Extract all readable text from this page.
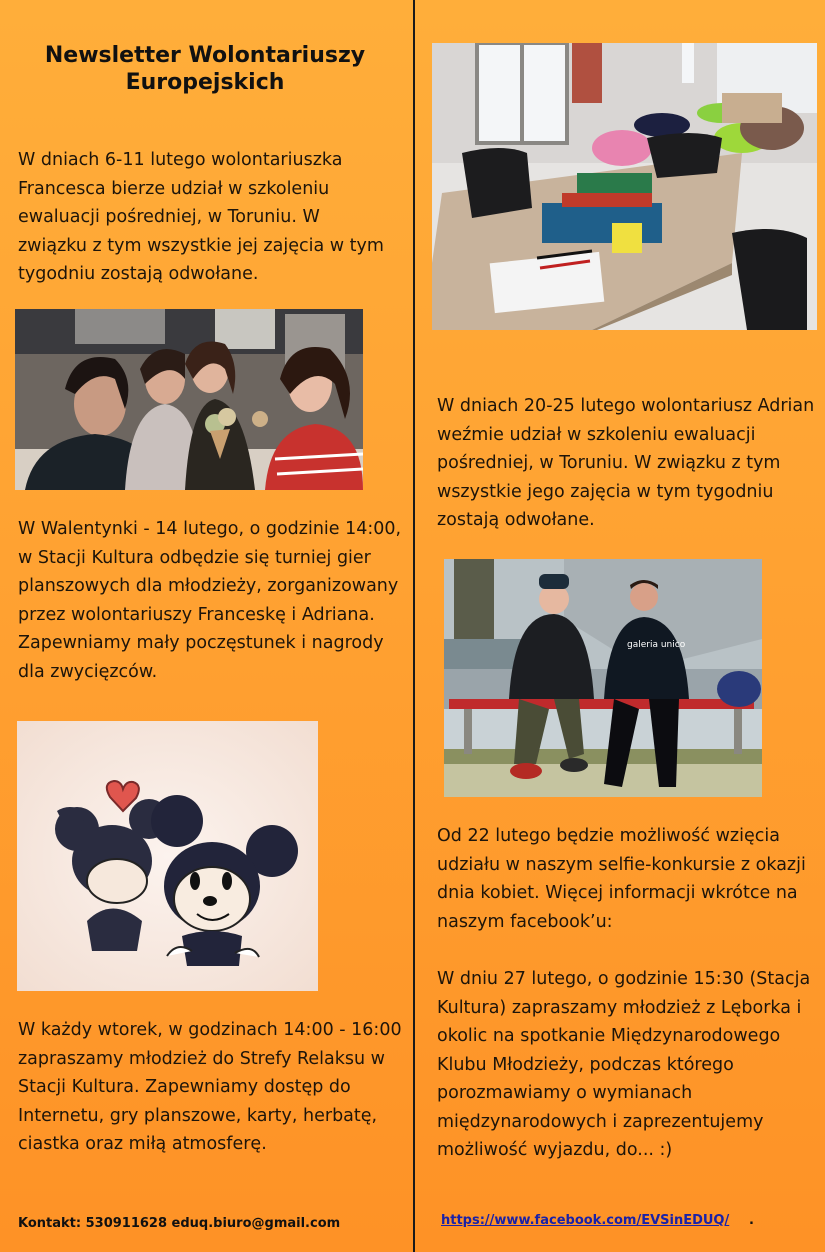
Newsletter Wolontariuszy Europejskich

W dniach 6-11 lutego wolontariuszka Francesca bierze udział w szkoleniu ewaluacji pośredniej, w Toruniu. W związku z tym wszystkie jej zajęcia w tym tygodniu zostają odwołane.

W Walentynki - 14 lutego, o godzinie 14:00, w Stacji Kultura odbędzie się turniej gier planszowych dla młodzieży, zorganizowany przez wolontariuszy Franceskę i Adriana. Zapewniamy mały poczęstunek i nagrody dla zwycięzców.

W każdy wtorek, w godzinach 14:00 - 16:00 zapraszamy młodzież do Strefy Relaksu w Stacji Kultura. Zapewniamy dostęp do Internetu, gry planszowe, karty, herbatę, ciastka oraz miłą atmosferę.

Kontakt: 530911628 eduq.biuro@gmail.com

W dniach 20-25 lutego wolontariusz Adrian weźmie udział w szkoleniu ewaluacji pośredniej, w Toruniu. W związku z tym wszystkie jego zajęcia w tym tygodniu zostają odwołane.

galeria unico

Od 22 lutego będzie możliwość wzięcia udziału w naszym selfie-konkursie z okazji dnia kobiet. Więcej informacji wkrótce na naszym facebook’u:

W dniu 27 lutego, o godzinie 15:30 (Stacja Kultura) zapraszamy młodzież z Lęborka i okolic na spotkanie Międzynarodowego Klubu Młodzieży, podczas którego porozmawiamy o wymianach międzynarodowych i zaprezentujemy możliwość wyjazdu, do... :)

https://www.facebook.com/EVSinEDUQ/ .
